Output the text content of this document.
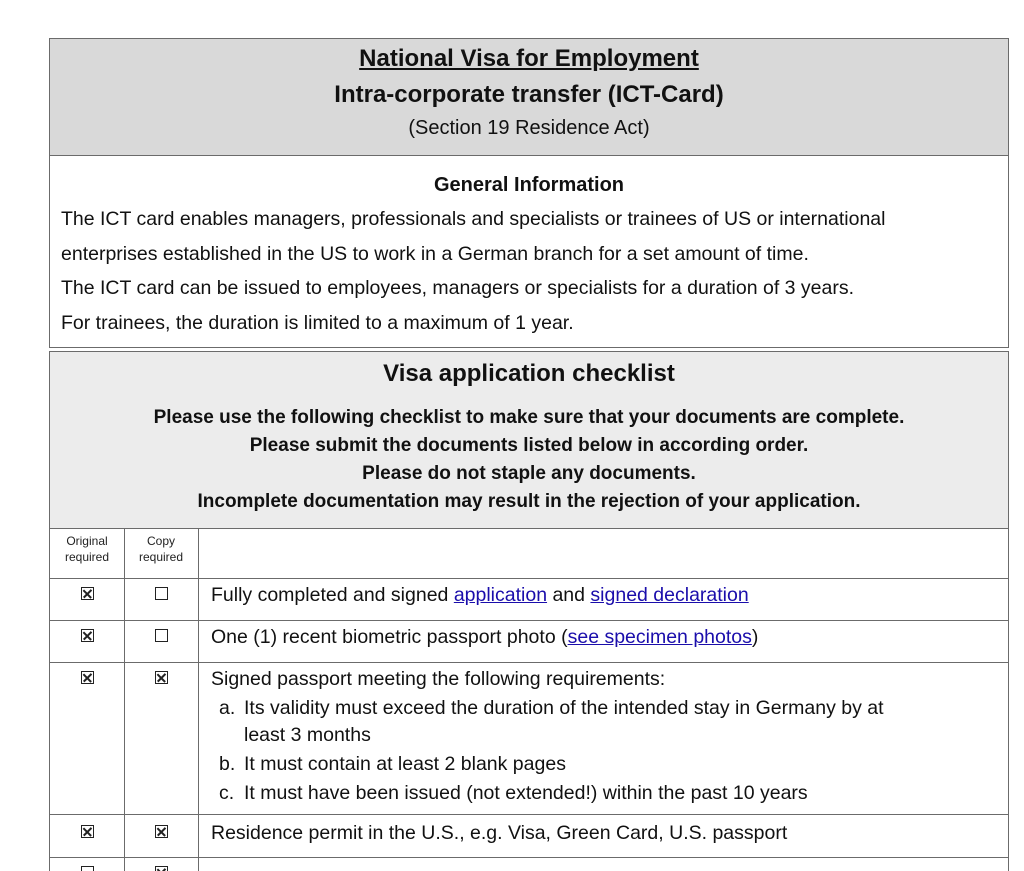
National Visa for Employment
Intra-corporate transfer (ICT-Card)
(Section 19 Residence Act)
General Information
The ICT card enables managers, professionals and specialists or trainees of US or international
enterprises established in the US to work in a German branch for a set amount of time.
The ICT card can be issued to employees, managers or specialists for a duration of 3 years.
For trainees, the duration is limited to a maximum of 1 year.
Visa application checklist
Please use the following checklist to make sure that your documents are complete.
Please submit the documents listed below in according order.
Please do not staple any documents.
Incomplete documentation may result in the rejection of your application.
Original
required
Copy
required
Fully completed and signed application and signed declaration
One (1) recent biometric passport photo (see specimen photos)
Signed passport meeting the following requirements:
a. Its validity must exceed the duration of the intended stay in Germany by at
least 3 months
b. It must contain at least 2 blank pages
c. It must have been issued (not extended!) within the past 10 years
Residence permit in the U.S., e.g. Visa, Green Card, U.S. passport
